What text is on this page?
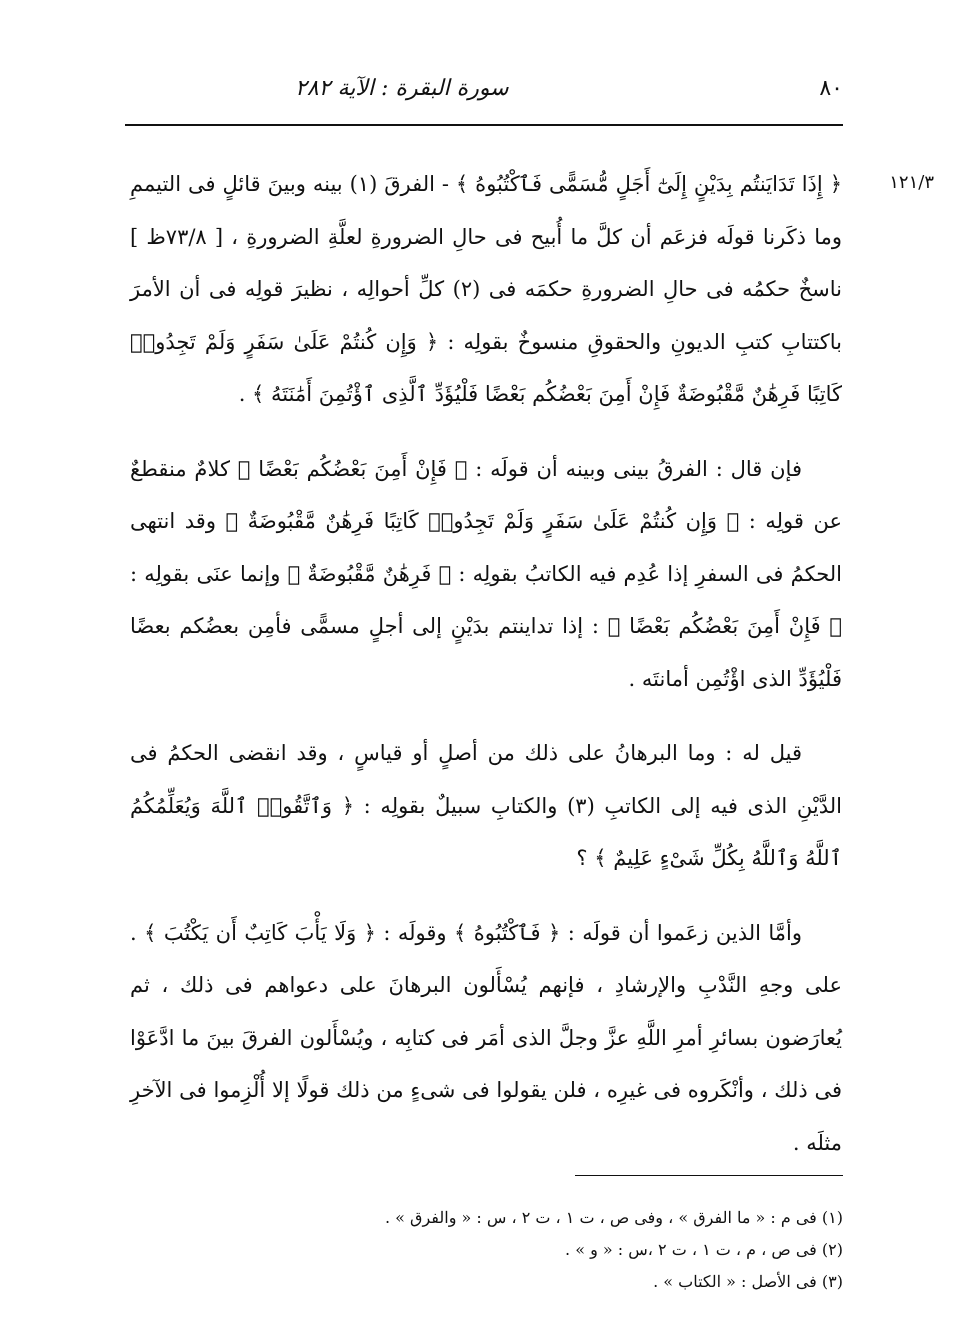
٨٠
سورة البقرة : الآية ٢٨٢
١٢١/٣

﴿ إِذَا تَدَايَنتُم بِدَيْنٍ إِلَىٰٓ أَجَلٍ مُّسَمًّى فَٱكْتُبُوهُ ﴾ - الفرقَ (١) بينه وبينَ قائلٍ فى التيممِ وما ذكَرنا قولَه فزعَم أن كلَّ ما أُبيح فى حالِ الضرورةِ لعلَّةِ الضرورةِ ، [ ٧٣/٨ظ ] ناسخٌ حكمُه فى حالِ الضرورةِ حكمَه فى (٢) كلِّ أحوالِه ، نظيرَ قولِه فى أن الأمرَ باكتتابِ كتبِ الديونِ والحقوقِ منسوخٌ بقولِه : ﴿ وَإِن كُنتُمْ عَلَىٰ سَفَرٍ وَلَمْ تَجِدُوا۟ كَاتِبًا فَرِهَٰنٌ مَّقْبُوضَةٌ فَإِنْ أَمِنَ بَعْضُكُم بَعْضًا فَلْيُؤَدِّ ٱلَّذِى ٱؤْتُمِنَ أَمَٰنَتَهُ ﴾ .

فإن قال : الفرقُ بينى وبينه أن قولَه : ﴿ فَإِنْ أَمِنَ بَعْضُكُم بَعْضًا ﴾ كلامٌ منقطعٌ عن قولِه : ﴿ وَإِن كُنتُمْ عَلَىٰ سَفَرٍ وَلَمْ تَجِدُوا۟ كَاتِبًا فَرِهَٰنٌ مَّقْبُوضَةٌ ﴾ وقد انتهى الحكمُ فى السفرِ إذا عُدِم فيه الكاتبُ بقولِه : ﴿ فَرِهَٰنٌ مَّقْبُوضَةٌ ﴾ وإنما عنَى بقولِه : ﴿ فَإِنْ أَمِنَ بَعْضُكُم بَعْضًا ﴾ : إذا تداينتم بدَيْنٍ إلى أجلٍ مسمًّى فأمِن بعضُكم بعضًا فَلْيُؤَدِّ الذى اؤْتُمِن أمانتَه .

قيل له : وما البرهانُ على ذلك من أصلٍ أو قياسٍ ، وقد انقضى الحكمُ فى الدَّيْنِ الذى فيه إلى الكاتبِ (٣) والكتابِ سبيلٌ بقولِه : ﴿ وَٱتَّقُوا۟ ٱللَّهَ وَيُعَلِّمُكُمُ ٱللَّهُ وَٱللَّهُ بِكُلِّ شَىْءٍ عَلِيمٌ ﴾ ؟

وأمَّا الذين زعَموا أن قولَه : ﴿ فَٱكْتُبُوهُ ﴾ وقولَه : ﴿ وَلَا يَأْبَ كَاتِبٌ أَن يَكْتُبَ ﴾ . على وجهِ النَّدْبِ والإرشادِ ، فإنهم يُسْأَلون البرهانَ على دعواهم فى ذلك ، ثم يُعارَضون بسائرِ أمرِ اللَّهِ عزَّ وجلَّ الذى أمَر فى كتابِه ، ويُسْأَلون الفرقَ بينَ ما ادَّعَوْا فى ذلك ، وأنْكَروه فى غيرِه ، فلن يقولوا فى شىءٍ من ذلك قولًا إلا أُلْزِموا فى الآخرِ مثلَه .

(١) فى م : « ما الفرق » ، وفى ص ، ت ١ ، ت ٢ ، س : « والفرق » .
(٢) فى ص ، م ، ت ١ ، ت ٢ ،س : « و » .
(٣) فى الأصل : « الكتاب » .
